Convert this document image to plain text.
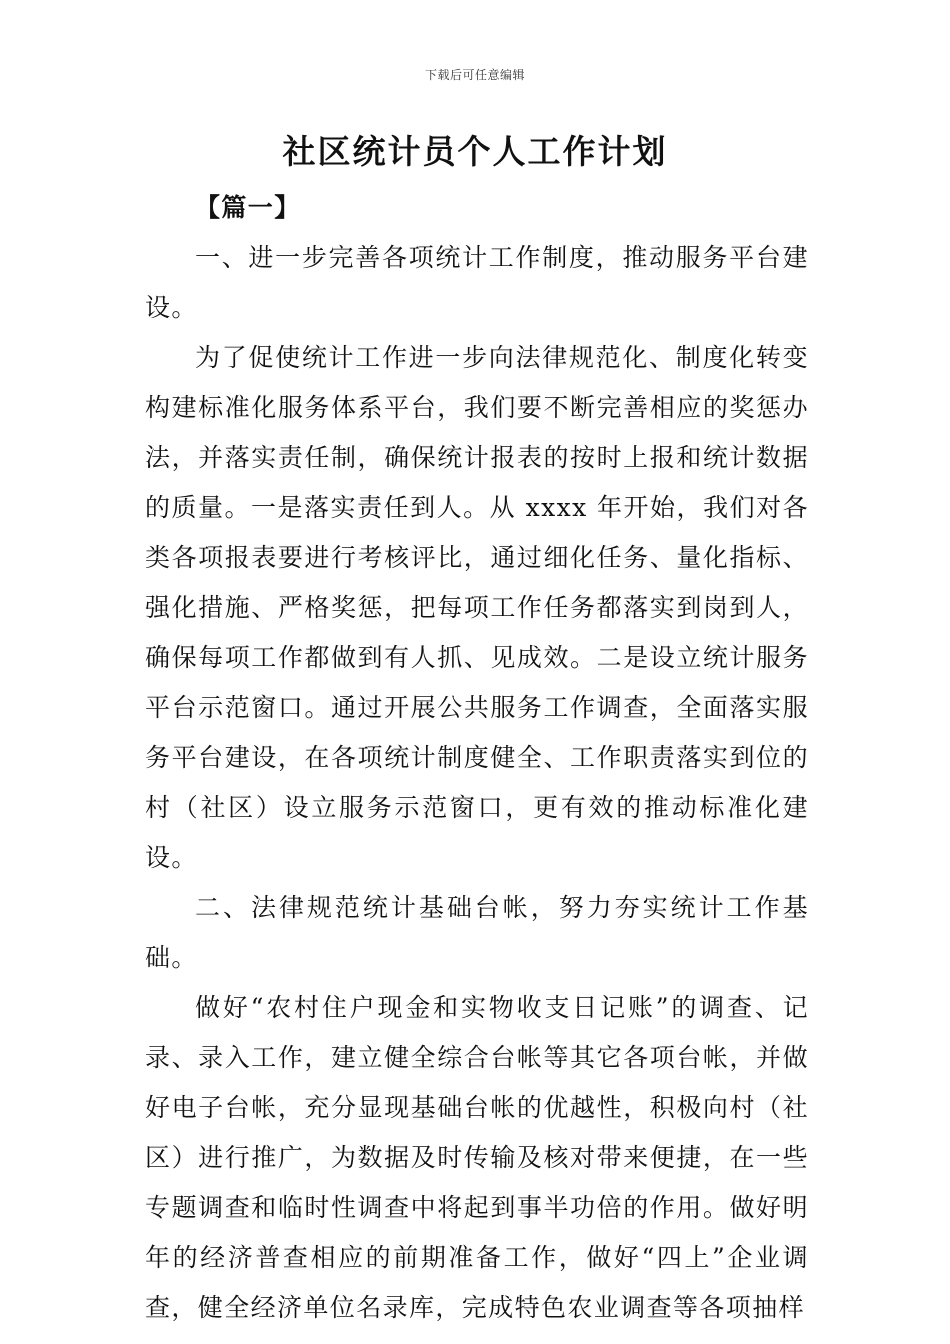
下载后可任意编辑
社区统计员个人工作计划

【篇一】

一、进一步完善各项统计工作制度，推动服务平台建设。

为了促使统计工作进一步向法律规范化、制度化转变构建标准化服务体系平台，我们要不断完善相应的奖惩办法，并落实责任制，确保统计报表的按时上报和统计数据的质量。一是落实责任到人。从 xxxx 年开始，我们对各类各项报表要进行考核评比，通过细化任务、量化指标、强化措施、严格奖惩，把每项工作任务都落实到岗到人，确保每项工作都做到有人抓、见成效。二是设立统计服务平台示范窗口。通过开展公共服务工作调查，全面落实服务平台建设，在各项统计制度健全、工作职责落实到位的村（社区）设立服务示范窗口，更有效的推动标准化建设。

二、法律规范统计基础台帐，努力夯实统计工作基础。

做好“农村住户现金和实物收支日记账”的调查、记录、录入工作，建立健全综合台帐等其它各项台帐，并做好电子台帐，充分显现基础台帐的优越性，积极向村（社区）进行推广，为数据及时传输及核对带来便捷，在一些专题调查和临时性调查中将起到事半功倍的作用。做好明年的经济普查相应的前期准备工作，做好“四上”企业调查，健全经济单位名录库，完成特色农业调查等各项抽样
